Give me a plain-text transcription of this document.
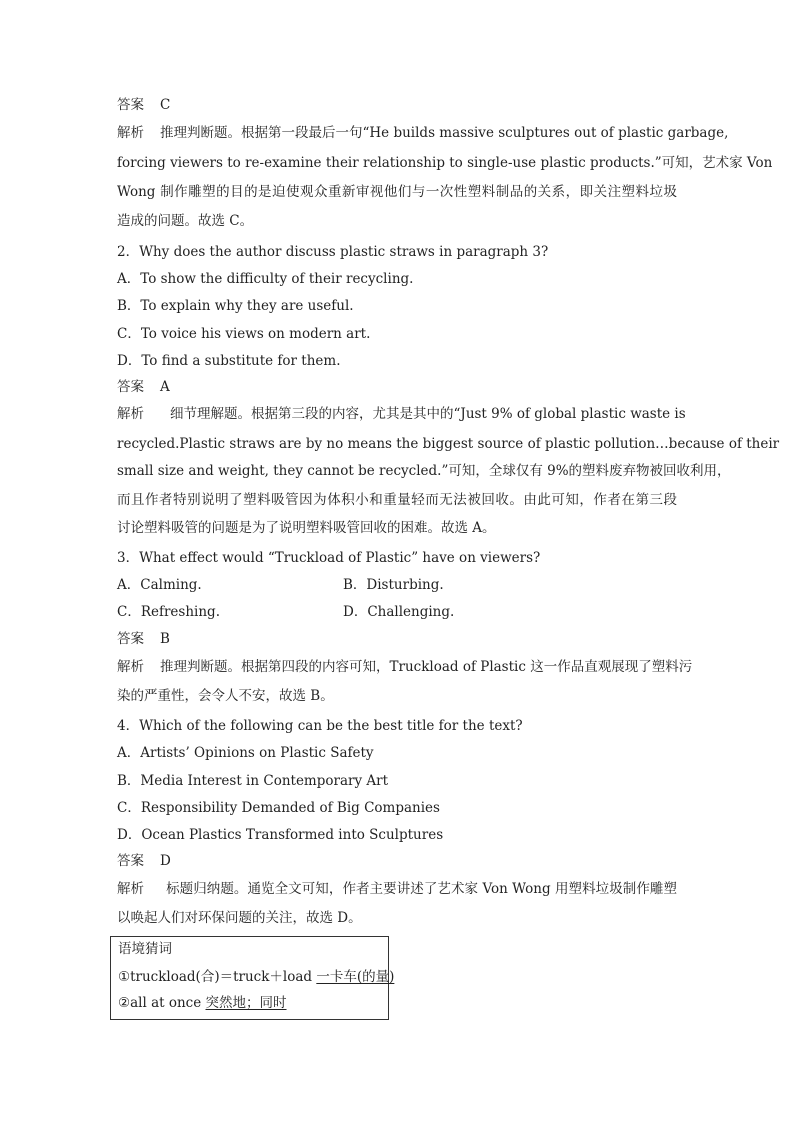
答案 C
解析 推理判断题。根据第一段最后一句“He builds massive sculptures out of plastic garbage,
forcing viewers to re-examine their relationship to single-use plastic products.”可知，艺术家 Von
Wong 制作雕塑的目的是迫使观众重新审视他们与一次性塑料制品的关系，即关注塑料垃圾
造成的问题。故选 C。
2．Why does the author discuss plastic straws in paragraph 3?
A．To show the difficulty of their recycling.
B．To explain why they are useful.
C．To voice his views on modern art.
D．To find a substitute for them.
答案 A
解析 细节理解题。根据第三段的内容，尤其是其中的“Just 9% of global plastic waste is
recycled.Plastic straws are by no means the biggest source of plastic pollution…because of their
small size and weight, they cannot be recycled.”可知，全球仅有 9%的塑料废弃物被回收利用，
而且作者特别说明了塑料吸管因为体积小和重量轻而无法被回收。由此可知，作者在第三段
讨论塑料吸管的问题是为了说明塑料吸管回收的困难。故选 A。
3．What effect would “Truckload of Plastic” have on viewers?
A．Calming.	B．Disturbing.
C．Refreshing.	D．Challenging.
答案 B
解析 推理判断题。根据第四段的内容可知，Truckload of Plastic 这一作品直观展现了塑料污
染的严重性，会令人不安，故选 B。
4．Which of the following can be the best title for the text?
A．Artists’ Opinions on Plastic Safety
B．Media Interest in Contemporary Art
C．Responsibility Demanded of Big Companies
D．Ocean Plastics Transformed into Sculptures
答案 D
解析 标题归纳题。通览全文可知，作者主要讲述了艺术家 Von Wong 用塑料垃圾制作雕塑
以唤起人们对环保问题的关注，故选 D。
语境猜词
①truckload(合)＝truck＋load 一卡车(的量)
②all at once 突然地；同时
